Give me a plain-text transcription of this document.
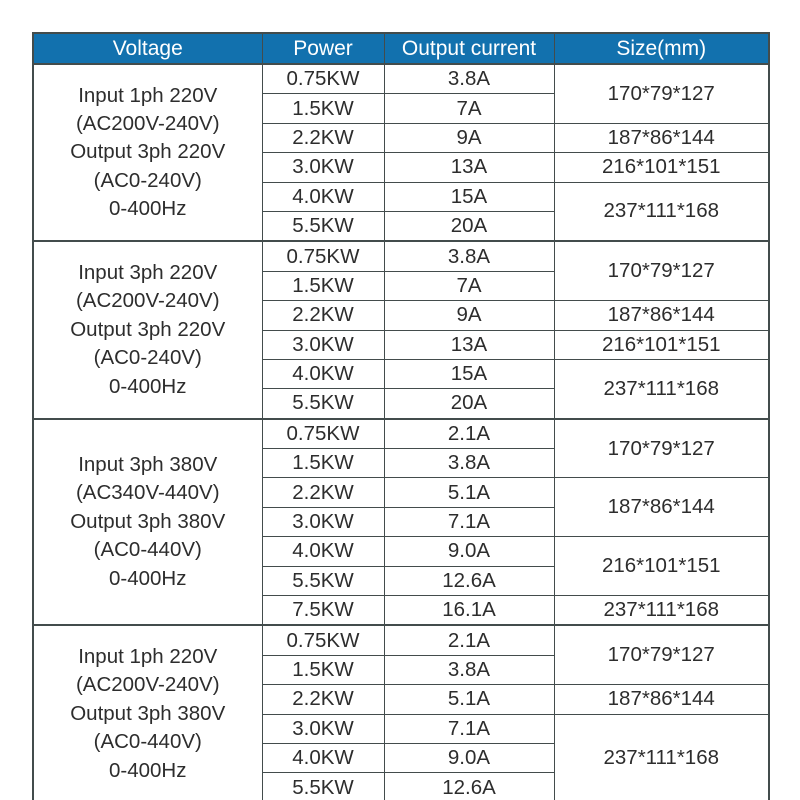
Voltage	Power	Output current	Size(mm)

Input 1ph 220V
(AC200V-240V)
Output 3ph 220V
(AC0-240V)
0-400Hz	0.75KW	3.8A	170*79*127
	1.5KW	7A	
	2.2KW	9A	187*86*144
	3.0KW	13A	216*101*151
	4.0KW	15A	237*111*168
	5.5KW	20A	

Input 3ph 220V
(AC200V-240V)
Output 3ph 220V
(AC0-240V)
0-400Hz	0.75KW	3.8A	170*79*127
	1.5KW	7A	
	2.2KW	9A	187*86*144
	3.0KW	13A	216*101*151
	4.0KW	15A	237*111*168
	5.5KW	20A	

Input 3ph 380V
(AC340V-440V)
Output 3ph 380V
(AC0-440V)
0-400Hz	0.75KW	2.1A	170*79*127
	1.5KW	3.8A	
	2.2KW	5.1A	187*86*144
	3.0KW	7.1A	
	4.0KW	9.0A	216*101*151
	5.5KW	12.6A	
	7.5KW	16.1A	237*111*168

Input 1ph 220V
(AC200V-240V)
Output 3ph 380V
(AC0-440V)
0-400Hz	0.75KW	2.1A	170*79*127
	1.5KW	3.8A	
	2.2KW	5.1A	187*86*144
	3.0KW	7.1A	237*111*168
	4.0KW	9.0A	
	5.5KW	12.6A	
